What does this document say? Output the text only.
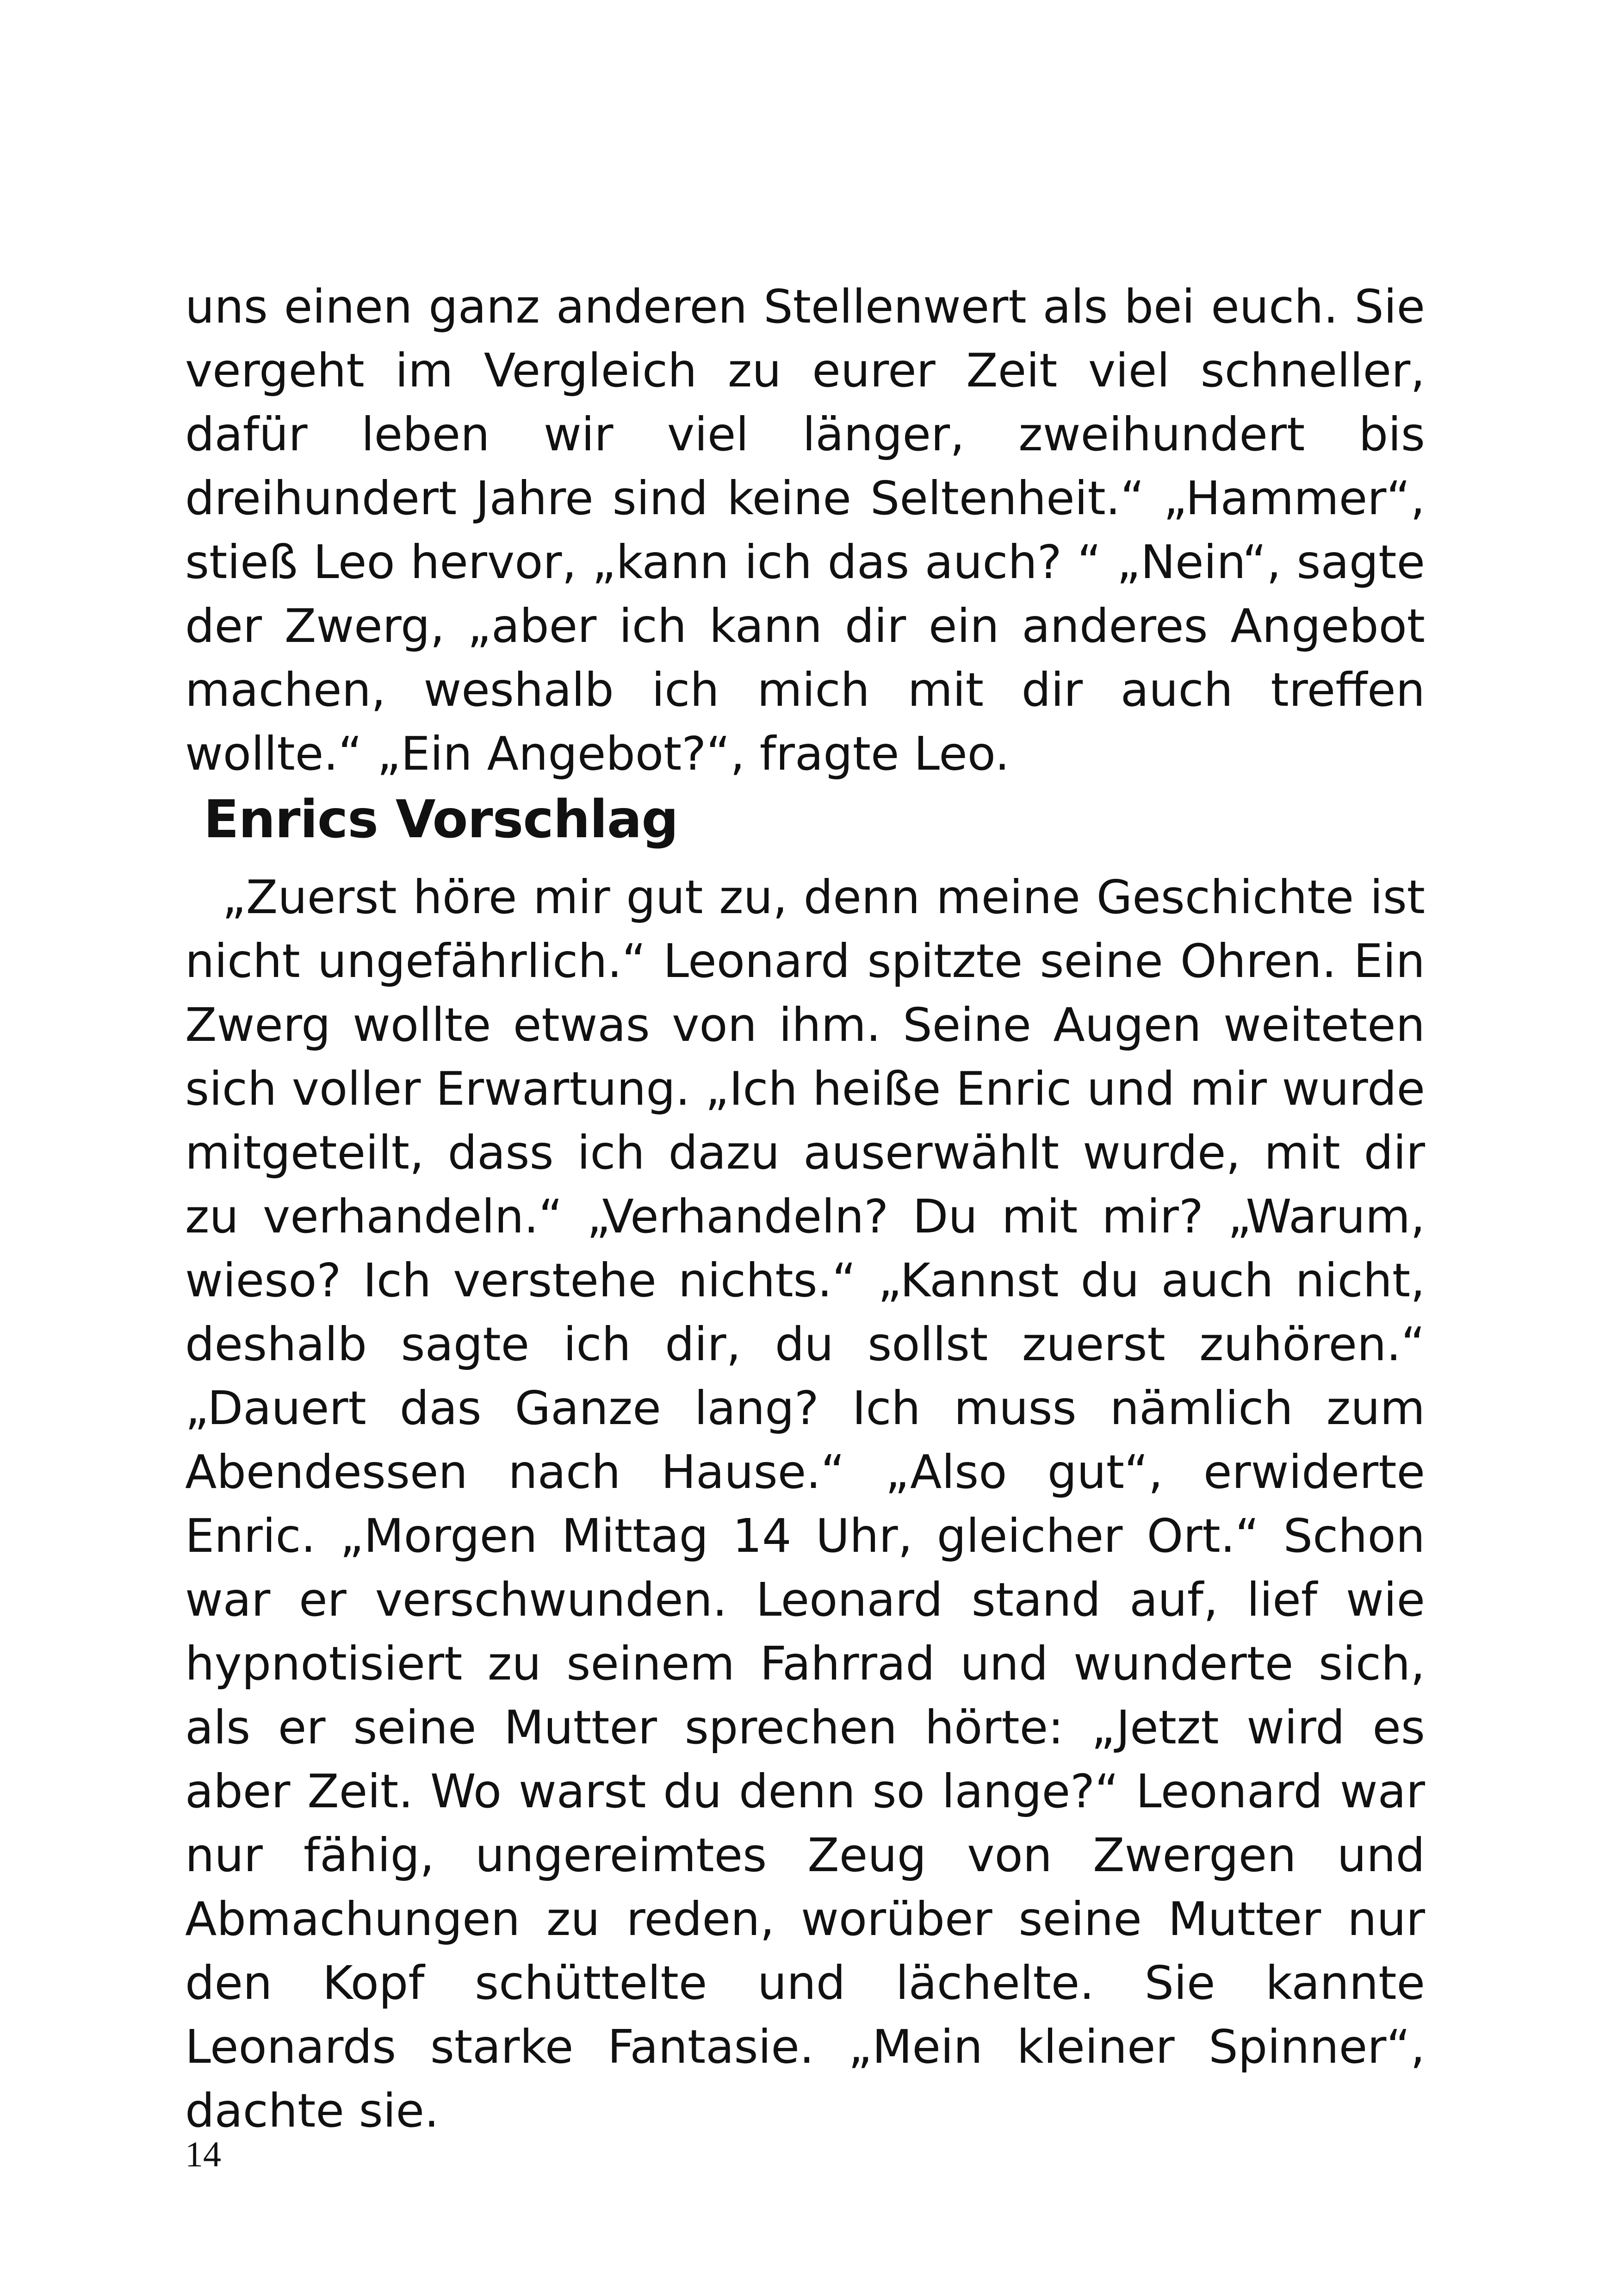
uns einen ganz anderen Stellenwert als bei euch. Sie vergeht im Vergleich zu eurer Zeit viel schneller, dafür leben wir viel länger, zweihundert bis dreihundert Jahre sind keine Seltenheit.“ „Hammer“, stieß Leo hervor, „kann ich das auch? “ „Nein“, sagte der Zwerg, „aber ich kann dir ein anderes Angebot machen, weshalb ich mich mit dir auch treffen wollte.“ „Ein Angebot?“, fragte Leo.

Enrics Vorschlag

„Zuerst höre mir gut zu, denn meine Geschichte ist nicht ungefährlich.“ Leonard spitzte seine Ohren. Ein Zwerg wollte etwas von ihm. Seine Augen weiteten sich voller Erwartung. „Ich heiße Enric und mir wurde mitgeteilt, dass ich dazu auserwählt wurde, mit dir zu verhandeln.“ „Verhandeln? Du mit mir? „Warum, wieso? Ich verstehe nichts.“ „Kannst du auch nicht, deshalb sagte ich dir, du sollst zuerst zuhören.“ „Dauert das Ganze lang? Ich muss nämlich zum Abendessen nach Hause.“ „Also gut“, erwiderte Enric. „Morgen Mittag 14 Uhr, gleicher Ort.“ Schon war er verschwunden. Leonard stand auf, lief wie hypnotisiert zu seinem Fahrrad und wunderte sich, als er seine Mutter sprechen hörte: „Jetzt wird es aber Zeit. Wo warst du denn so lange?“ Leonard war nur fähig, ungereimtes Zeug von Zwergen und Abmachungen zu reden, worüber seine Mutter nur den Kopf schüttelte und lächelte. Sie kannte Leonards starke Fantasie. „Mein kleiner Spinner“, dachte sie.

14
